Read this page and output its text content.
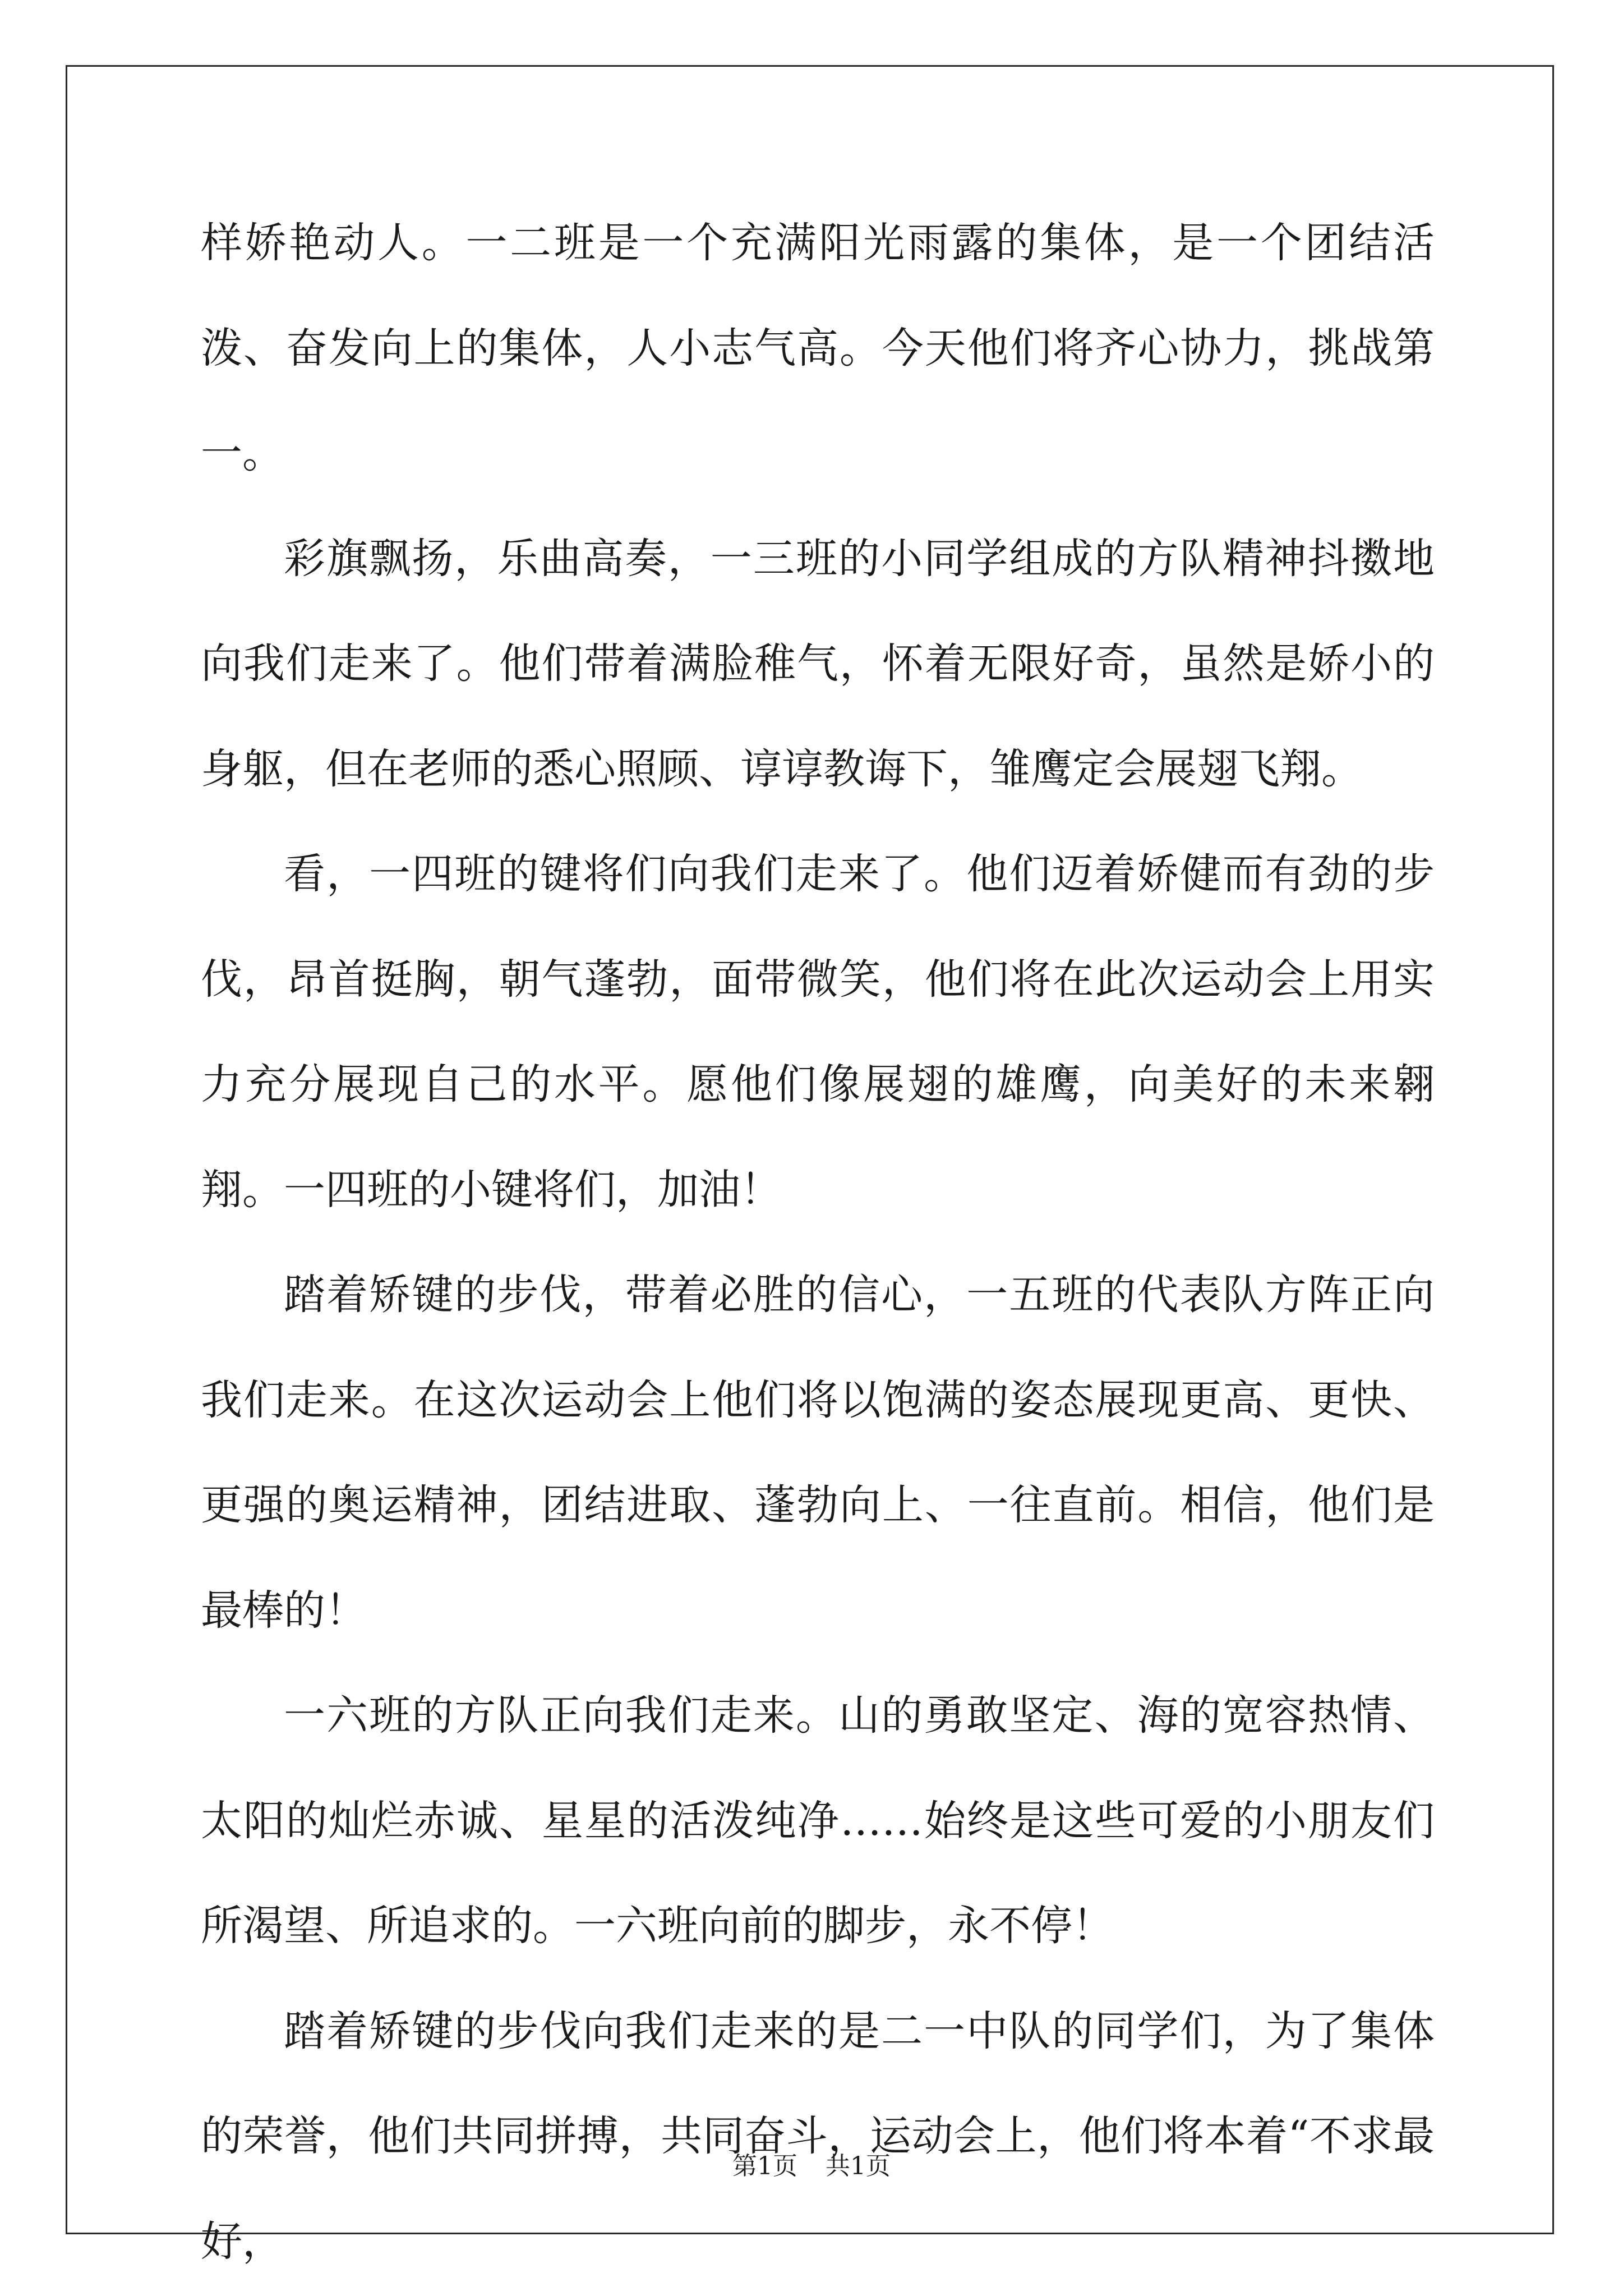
样娇艳动人。一二班是一个充满阳光雨露的集体，是一个团结活泼、奋发向上的集体，人小志气高。今天他们将齐心协力，挑战第一。

彩旗飘扬，乐曲高奏，一三班的小同学组成的方队精神抖擞地向我们走来了。他们带着满脸稚气，怀着无限好奇，虽然是娇小的身躯，但在老师的悉心照顾、谆谆教诲下，雏鹰定会展翅飞翔。

看，一四班的键将们向我们走来了。他们迈着娇健而有劲的步伐，昂首挺胸，朝气蓬勃，面带微笑，他们将在此次运动会上用实力充分展现自己的水平。愿他们像展翅的雄鹰，向美好的未来翱翔。一四班的小键将们，加油！

踏着矫键的步伐，带着必胜的信心，一五班的代表队方阵正向我们走来。在这次运动会上他们将以饱满的姿态展现更高、更快、更强的奥运精神，团结进取、蓬勃向上、一往直前。相信，他们是最棒的！

一六班的方队正向我们走来。山的勇敢坚定、海的宽容热情、太阳的灿烂赤诚、星星的活泼纯净……始终是这些可爱的小朋友们所渴望、所追求的。一六班向前的脚步，永不停！

踏着矫键的步伐向我们走来的是二一中队的同学们，为了集体的荣誉，他们共同拼搏，共同奋斗，运动会上，他们将本着“不求最好，

第1页 共1页
